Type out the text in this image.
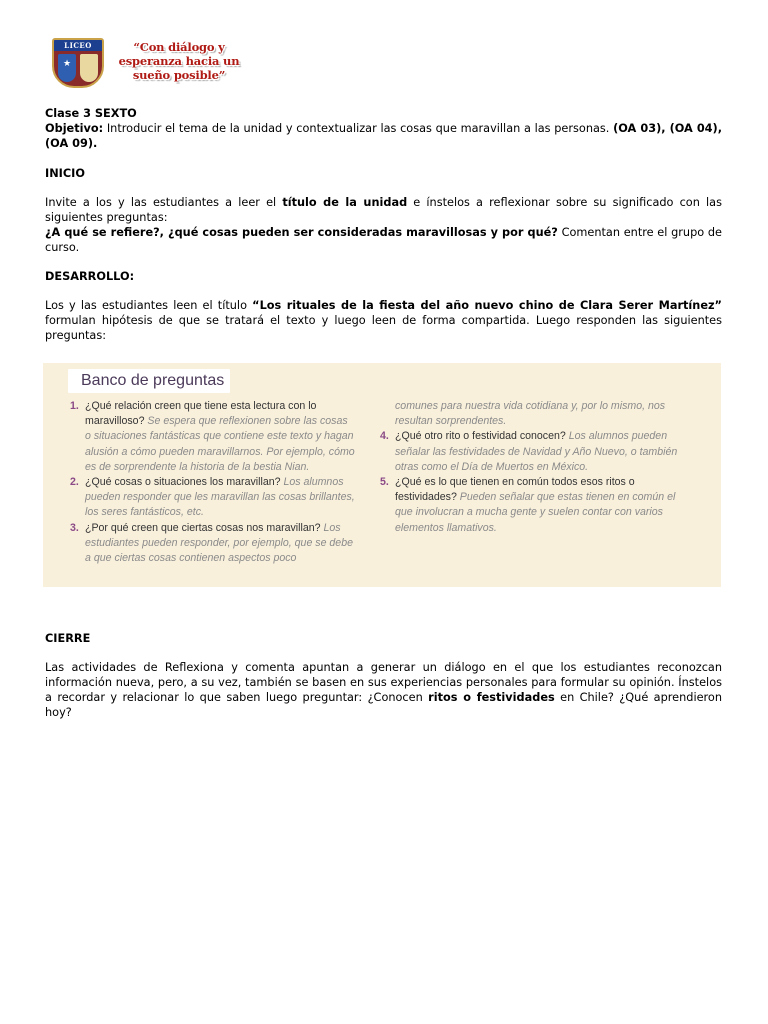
LICEO
★
“Con diálogo y
esperanza hacia un
sueño posible”

Clase 3 SEXTO

Objetivo: Introducir el tema de la unidad y contextualizar las cosas que maravillan a las personas. (OA 03), (OA 04), (OA 09).

INICIO

Invite a los y las estudiantes a leer el título de la unidad e ínstelos a reflexionar sobre su significado con las siguientes preguntas:
¿A qué se refiere?, ¿qué cosas pueden ser consideradas maravillosas y por qué? Comentan entre el grupo de curso.

DESARROLLO:

Los y las estudiantes leen el título “Los rituales de la fiesta del año nuevo chino de Clara Serer Martínez” formulan hipótesis de que se tratará el texto y luego leen de forma compartida. Luego responden las siguientes preguntas:

Banco de preguntas
1. ¿Qué relación creen que tiene esta lectura con lo maravilloso? Se espera que reflexionen sobre las cosas o situaciones fantásticas que contiene este texto y hagan alusión a cómo pueden maravillarnos. Por ejemplo, cómo es de sorprendente la historia de la bestia Nian.
2. ¿Qué cosas o situaciones los maravillan? Los alumnos pueden responder que les maravillan las cosas brillantes, los seres fantásticos, etc.
3. ¿Por qué creen que ciertas cosas nos maravillan? Los estudiantes pueden responder, por ejemplo, que se debe a que ciertas cosas contienen aspectos poco
comunes para nuestra vida cotidiana y, por lo mismo, nos resultan sorprendentes.
4. ¿Qué otro rito o festividad conocen? Los alumnos pueden señalar las festividades de Navidad y Año Nuevo, o también otras como el Día de Muertos en México.
5. ¿Qué es lo que tienen en común todos esos ritos o festividades? Pueden señalar que estas tienen en común el que involucran a mucha gente y suelen contar con varios elementos llamativos.

CIERRE

Las actividades de Reflexiona y comenta apuntan a generar un diálogo en el que los estudiantes reconozcan información nueva, pero, a su vez, también se basen en sus experiencias personales para formular su opinión. Ínstelos a recordar y relacionar lo que saben luego preguntar: ¿Conocen ritos o festividades en Chile? ¿Qué aprendieron hoy?
